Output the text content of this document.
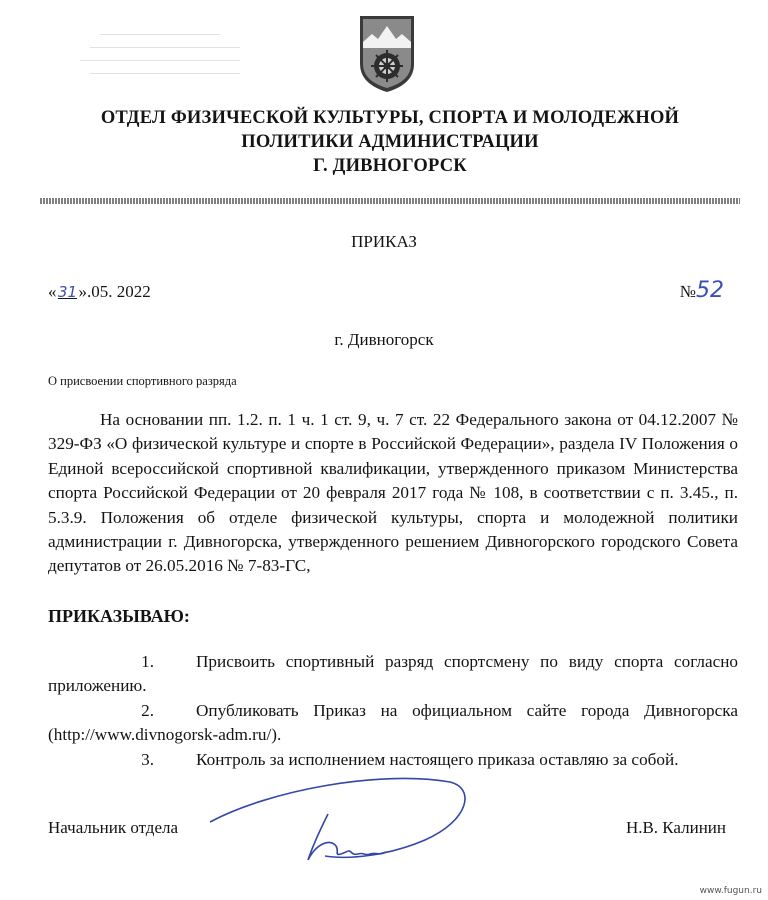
ОТДЕЛ ФИЗИЧЕСКОЙ КУЛЬТУРЫ, СПОРТА И МОЛОДЕЖНОЙ
ПОЛИТИКИ АДМИНИСТРАЦИИ
Г. ДИВНОГОРСК
ПРИКАЗ
«31».05. 2022	№52
г. Дивногорск
О присвоении спортивного разряда

На основании пп. 1.2. п. 1 ч. 1 ст. 9, ч. 7 ст. 22 Федерального закона от 04.12.2007 № 329-ФЗ «О физической культуре и спорте в Российской Федерации», раздела IV Положения о Единой всероссийской спортивной квалификации, утвержденного приказом Министерства спорта Российской Федерации от 20 февраля 2017 года № 108, в соответствии с п. 3.45., п. 5.3.9. Положения об отделе физической культуры, спорта и молодежной политики администрации г. Дивногорска, утвержденного решением Дивногорского городского Совета депутатов от 26.05.2016 № 7-83-ГС,

ПРИКАЗЫВАЮ:
1. Присвоить спортивный разряд спортсмену по виду спорта согласно приложению.
2. Опубликовать Приказ на официальном сайте города Дивногорска (http://www.divnogorsk-adm.ru/).
3. Контроль за исполнением настоящего приказа оставляю за собой.
Начальник отдела	Н.В. Калинин
www.fugun.ru
